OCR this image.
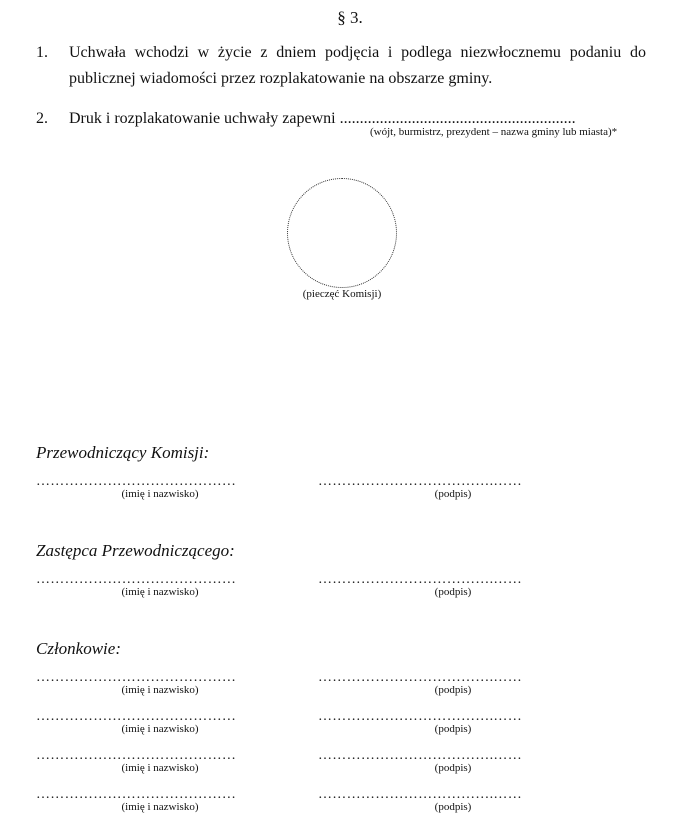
§ 3.
1. Uchwała wchodzi w życie z dniem podjęcia i podlega niezwłocznemu podaniu do publicznej wiadomości przez rozplakatowanie na obszarze gminy.
2. Druk i rozplakatowanie uchwały zapewni ...........................................................
(wójt, burmistrz, prezydent – nazwa gminy lub miasta)*
(pieczęć Komisji)
Przewodniczący Komisji:
……………………………………
(imię i nazwisko)
……………………………….……
(podpis)
Zastępca Przewodniczącego:
……………………………………
(imię i nazwisko)
……………………………….……
(podpis)
Członkowie:
……………………………………
(imię i nazwisko)
……………………………….……
(podpis)
……………………………………
(imię i nazwisko)
……………………………….……
(podpis)
……………………………………
(imię i nazwisko)
……………………………….……
(podpis)
……………………………………
(imię i nazwisko)
……………………………….……
(podpis)
